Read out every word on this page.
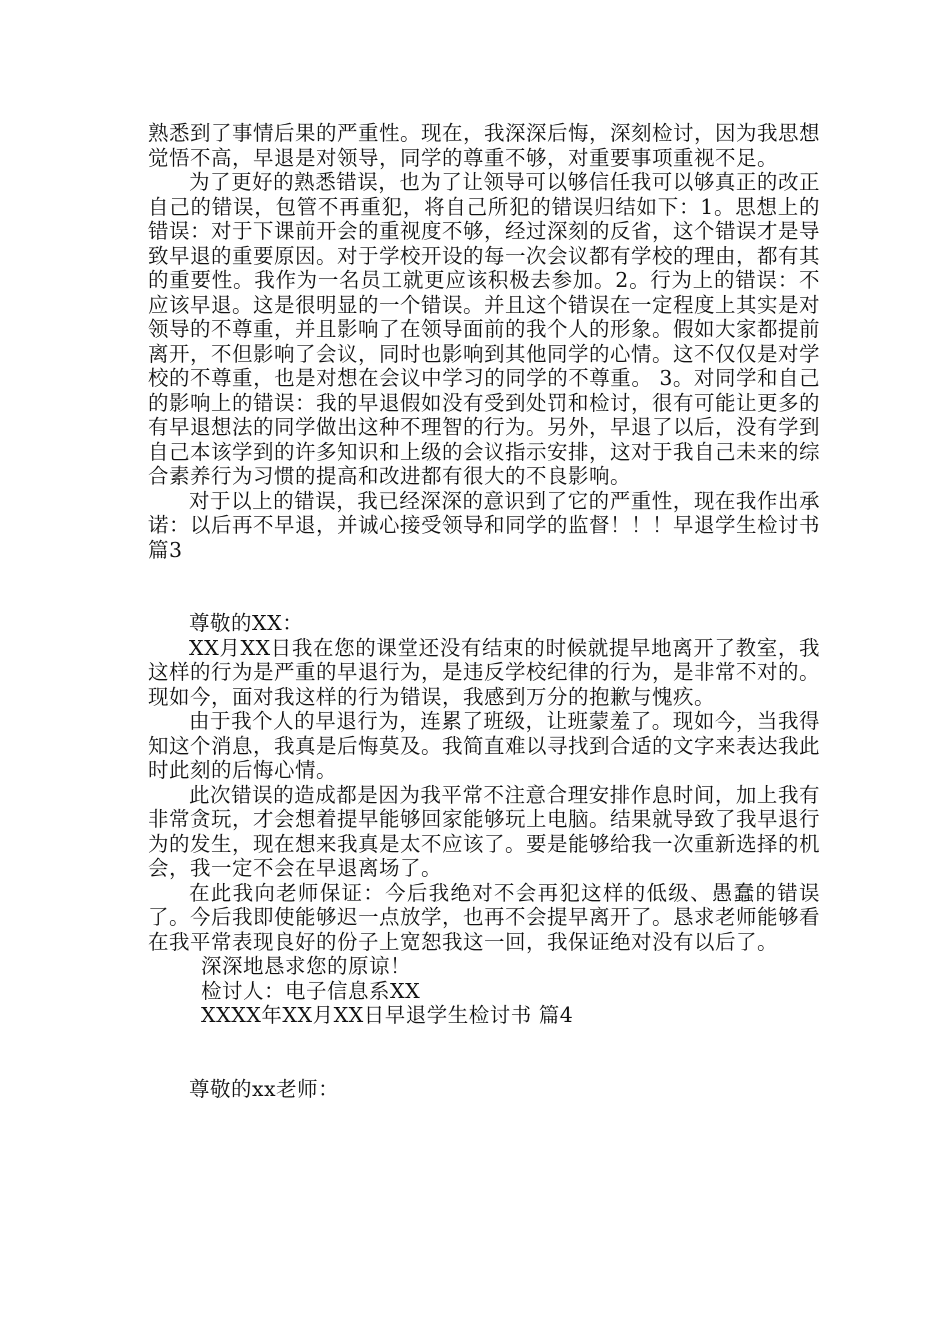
熟悉到了事情后果的严重性。现在，我深深后悔，深刻检讨，因为我思想觉悟不高，早退是对领导，同学的尊重不够，对重要事项重视不足。

为了更好的熟悉错误，也为了让领导可以够信任我可以够真正的改正自己的错误，包管不再重犯，将自己所犯的错误归结如下：1。思想上的错误：对于下课前开会的重视度不够，经过深刻的反省，这个错误才是导致早退的重要原因。对于学校开设的每一次会议都有学校的理由，都有其的重要性。我作为一名员工就更应该积极去参加。2。行为上的错误：不应该早退。这是很明显的一个错误。并且这个错误在一定程度上其实是对领导的不尊重，并且影响了在领导面前的我个人的形象。假如大家都提前离开，不但影响了会议，同时也影响到其他同学的心情。这不仅仅是对学校的不尊重，也是对想在会议中学习的同学的不尊重。 3。对同学和自己的影响上的错误：我的早退假如没有受到处罚和检讨，很有可能让更多的有早退想法的同学做出这种不理智的行为。另外，早退了以后，没有学到自己本该学到的许多知识和上级的会议指示安排，这对于我自己未来的综合素养行为习惯的提高和改进都有很大的不良影响。

对于以上的错误，我已经深深的意识到了它的严重性，现在我作出承诺：以后再不早退，并诚心接受领导和同学的监督！！！早退学生检讨书 篇3

尊敬的XX：

XX月XX日我在您的课堂还没有结束的时候就提早地离开了教室，我这样的行为是严重的早退行为，是违反学校纪律的行为，是非常不对的。现如今，面对我这样的行为错误，我感到万分的抱歉与愧疚。

由于我个人的早退行为，连累了班级，让班蒙羞了。现如今，当我得知这个消息，我真是后悔莫及。我简直难以寻找到合适的文字来表达我此时此刻的后悔心情。

此次错误的造成都是因为我平常不注意合理安排作息时间，加上我有非常贪玩，才会想着提早能够回家能够玩上电脑。结果就导致了我早退行为的发生，现在想来我真是太不应该了。要是能够给我一次重新选择的机会，我一定不会在早退离场了。

在此我向老师保证：今后我绝对不会再犯这样的低级、愚蠢的错误了。今后我即使能够迟一点放学，也再不会提早离开了。恳求老师能够看在我平常表现良好的份子上宽恕我这一回，我保证绝对没有以后了。

深深地恳求您的原谅！

检讨人：电子信息系XX

XXXX年XX月XX日早退学生检讨书 篇4

尊敬的xx老师：
